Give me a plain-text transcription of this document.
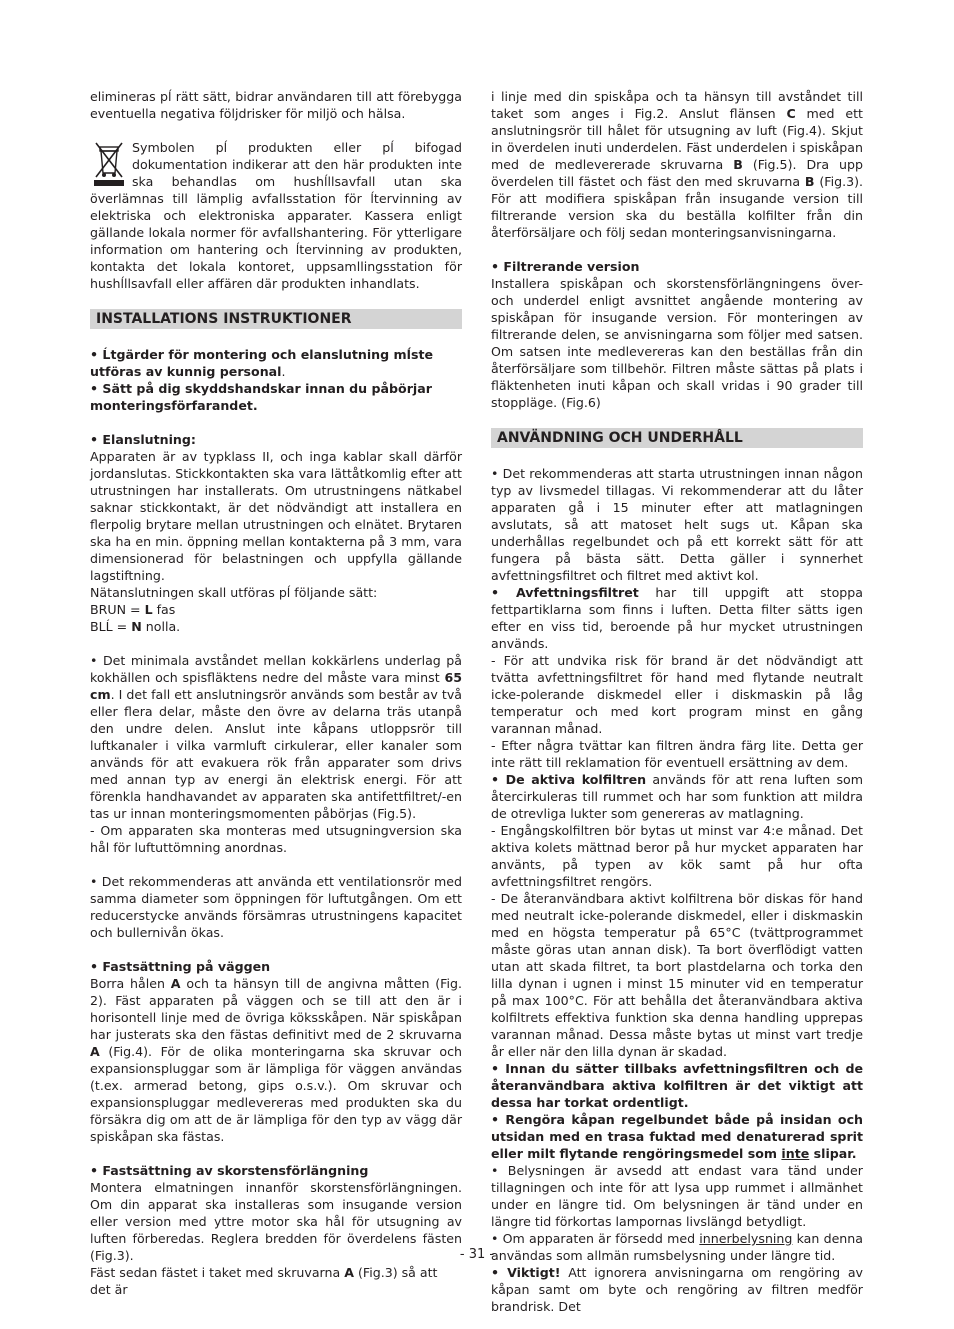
elimineras pĺ rätt sätt, bidrar användaren till att förebygga eventuella negativa följdrisker för miljö och hälsa.

Symbolen pĺ produkten eller pĺ bifogad dokumentation indikerar att den här produkten inte ska behandlas om hushĺllsavfall utan ska överlämnas till lämplig avfallsstation för ĺtervinning av elektriska och elektroniska apparater. Kassera enligt gällande lokala normer för avfallshantering. För ytterligare information om hantering och ĺtervinning av produkten, kontakta det lokala kontoret, uppsamllingsstation för hushĺllsavfall eller affären där produkten inhandlats.

INSTALLATIONS INSTRUKTIONER

• Ĺtgärder för montering och elanslutning mĺste utföras av kunnig personal.

• Sätt på dig skyddshandskar innan du påbörjar monteringsförfarandet.

• Elanslutning:

Apparaten är av typklass II, och inga kablar skall därför jordanslutas. Stickkontakten ska vara lättåtkomlig efter att utrustningen har installerats. Om utrustningens nätkabel saknar stickkontakt, är det nödvändigt att installera en flerpolig brytare mellan utrustningen och elnätet. Brytaren ska ha en min. öppning mellan kontakterna på 3 mm, vara dimensionerad för belastningen och uppfylla gällande lagstiftning.

Nätanslutningen skall utföras pĺ följande sätt:

BRUN = L fas

BLĹ = N nolla.

• Det minimala avståndet mellan kokkärlens underlag på kokhällen och spisfläktens nedre del måste vara minst 65 cm. I det fall ett anslutningsrör används som består av två eller flera delar, måste den övre av delarna träs utanpå den undre delen. Anslut inte kåpans utloppsrör till luftkanaler i vilka varmluft cirkulerar, eller kanaler som används för att evakuera rök från apparater som drivs med annan typ av energi än elektrisk energi. För att förenkla handhavandet av apparaten ska antifettfiltret/-en tas ur innan monteringsmomenten påbörjas (Fig.5).

- Om apparaten ska monteras med utsugningversion ska hål för luftuttömning anordnas.

• Det rekommenderas att använda ett ventilationsrör med samma diameter som öppningen för luftutgången. Om ett reducerstycke används försämras utrustningens kapacitet och bullernivån ökas.

• Fastsättning på väggen

Borra hålen A och ta hänsyn till de angivna måtten (Fig. 2). Fäst apparaten på väggen och se till att den är i horisontell linje med de övriga köksskåpen. När spiskåpan har justerats ska den fästas definitivt med de 2 skruvarna A (Fig.4). För de olika monteringarna ska skruvar och expansionspluggar som är lämpliga för väggen användas (t.ex. armerad betong, gips o.s.v.). Om skruvar och expansionspluggar medlevereras med produkten ska du försäkra dig om att de är lämpliga för den typ av vägg där spiskåpan ska fästas.

• Fastsättning av skorstensförlängning

Montera elmatningen innanför skorstensförlängningen. Om din apparat ska installeras som insugande version eller version med yttre motor ska hål för utsugning av luften förberedas. Reglera bredden för överdelens fästen (Fig.3).

Fäst sedan fästet i taket med skruvarna A (Fig.3) så att det är

i linje med din spiskåpa och ta hänsyn till avståndet till taket som anges i Fig.2. Anslut flänsen C med ett anslutningsrör till hålet för utsugning av luft (Fig.4). Skjut in överdelen inuti underdelen. Fäst underdelen i spiskåpan med de medlevererade skruvarna B (Fig.5). Dra upp överdelen till fästet och fäst den med skruvarna B (Fig.3). För att modifiera spiskåpan från insugande version till filtrerande version ska du beställa kolfilter från din återförsäljare och följ sedan monteringsanvisningarna.

• Filtrerande version

Installera spiskåpan och skorstensförlängningens över- och underdel enligt avsnittet angående montering av spiskåpan för insugande version. För monteringen av filtrerande delen, se anvisningarna som följer med satsen. Om satsen inte medlevereras kan den beställas från din återförsäljare som tillbehör. Filtren måste sättas på plats i fläktenheten inuti kåpan och skall vridas i 90 grader till stoppläge. (Fig.6)

ANVÄNDNING OCH UNDERHÅLL

• Det rekommenderas att starta utrustningen innan någon typ av livsmedel tillagas. Vi rekommenderar att du låter apparaten gå i 15 minuter efter att matlagningen avslutats, så att matoset helt sugs ut. Kåpan ska underhållas regelbundet och på ett korrekt sätt för att fungera på bästa sätt. Detta gäller i synnerhet avfettningsfiltret och filtret med aktivt kol.

• Avfettningsfiltret har till uppgift att stoppa fettpartiklarna som finns i luften. Detta filter sätts igen efter en viss tid, beroende på hur mycket utrustningen används.

- För att undvika risk för brand är det nödvändigt att tvätta avfettningsfiltret för hand med flytande neutralt icke-polerande diskmedel eller i diskmaskin på låg temperatur och med kort program minst en gång varannan månad.

- Efter några tvättar kan filtren ändra färg lite. Detta ger inte rätt till reklamation för eventuell ersättning av dem.

• De aktiva kolfiltren används för att rena luften som återcirkuleras till rummet och har som funktion att mildra de otrevliga lukter som genereras av matlagning.

- Engångskolfiltren bör bytas ut minst var 4:e månad. Det aktiva kolets mättnad beror på hur mycket apparaten har använts, på typen av kök samt på hur ofta avfettningsfiltret rengörs.

- De återanvändbara aktivt kolfiltrena bör diskas för hand med neutralt icke-polerande diskmedel, eller i diskmaskin med en högsta temperatur på 65°C (tvättprogrammet måste göras utan annan disk). Ta bort överflödigt vatten utan att skada filtret, ta bort plastdelarna och torka den lilla dynan i ugnen i minst 15 minuter vid en temperatur på max 100°C. För att behålla det återanvändbara aktiva kolfiltrets effektiva funktion ska denna handling upprepas varannan månad. Dessa måste bytas ut minst vart tredje år eller när den lilla dynan är skadad.

• Innan du sätter tillbaks avfettningsfiltren och de återanvändbara aktiva kolfiltren är det viktigt att dessa har torkat ordentligt.

• Rengöra kåpan regelbundet både på insidan och utsidan med en trasa fuktad med denaturerad sprit eller milt flytande rengöringsmedel som inte slipar.

• Belysningen är avsedd att endast vara tänd under tillagningen och inte för att lysa upp rummet i allmänhet under en längre tid. Om belysningen är tänd under en längre tid förkortas lampornas livslängd betydligt.

• Om apparaten är försedd med innerbelysning kan denna användas som allmän rumsbelysning under längre tid.

• Viktigt! Att ignorera anvisningarna om rengöring av kåpan samt om byte och rengöring av filtren medför brandrisk. Det

- 31 -
